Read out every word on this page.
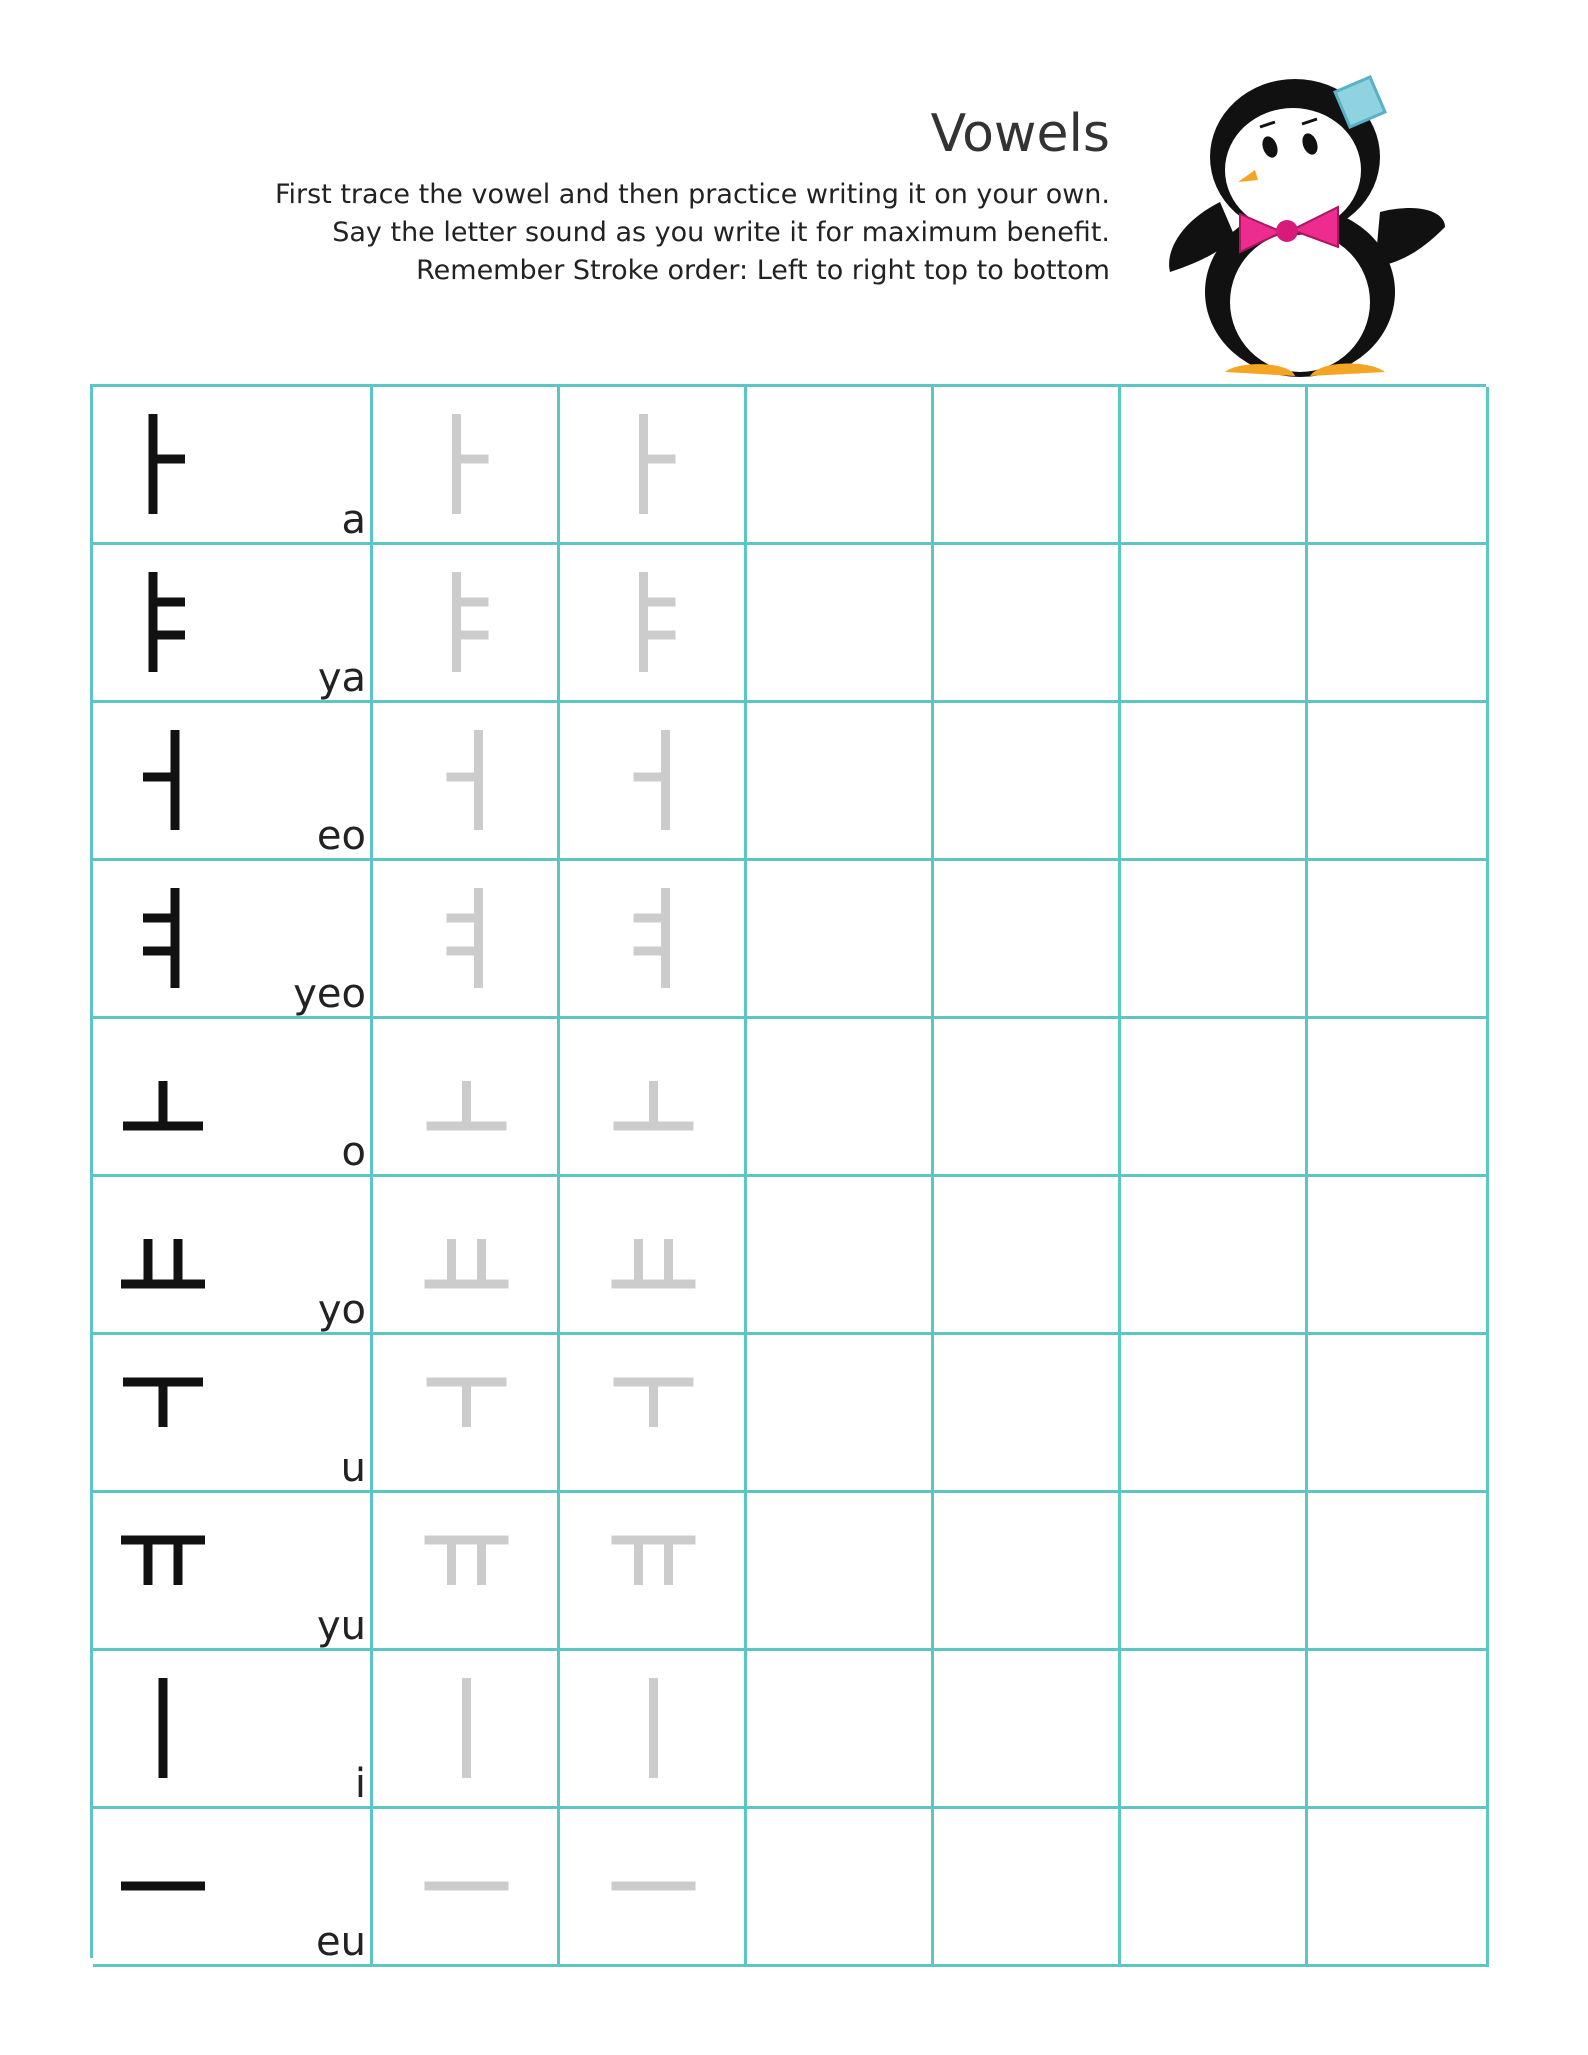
Vowels
First trace the vowel and then practice writing it on your own.
Say the letter sound as you write it for maximum benefit.
Remember Stroke order: Left to right top to bottom
a
ya
eo
yeo
o
yo
u
yu
i
eu
